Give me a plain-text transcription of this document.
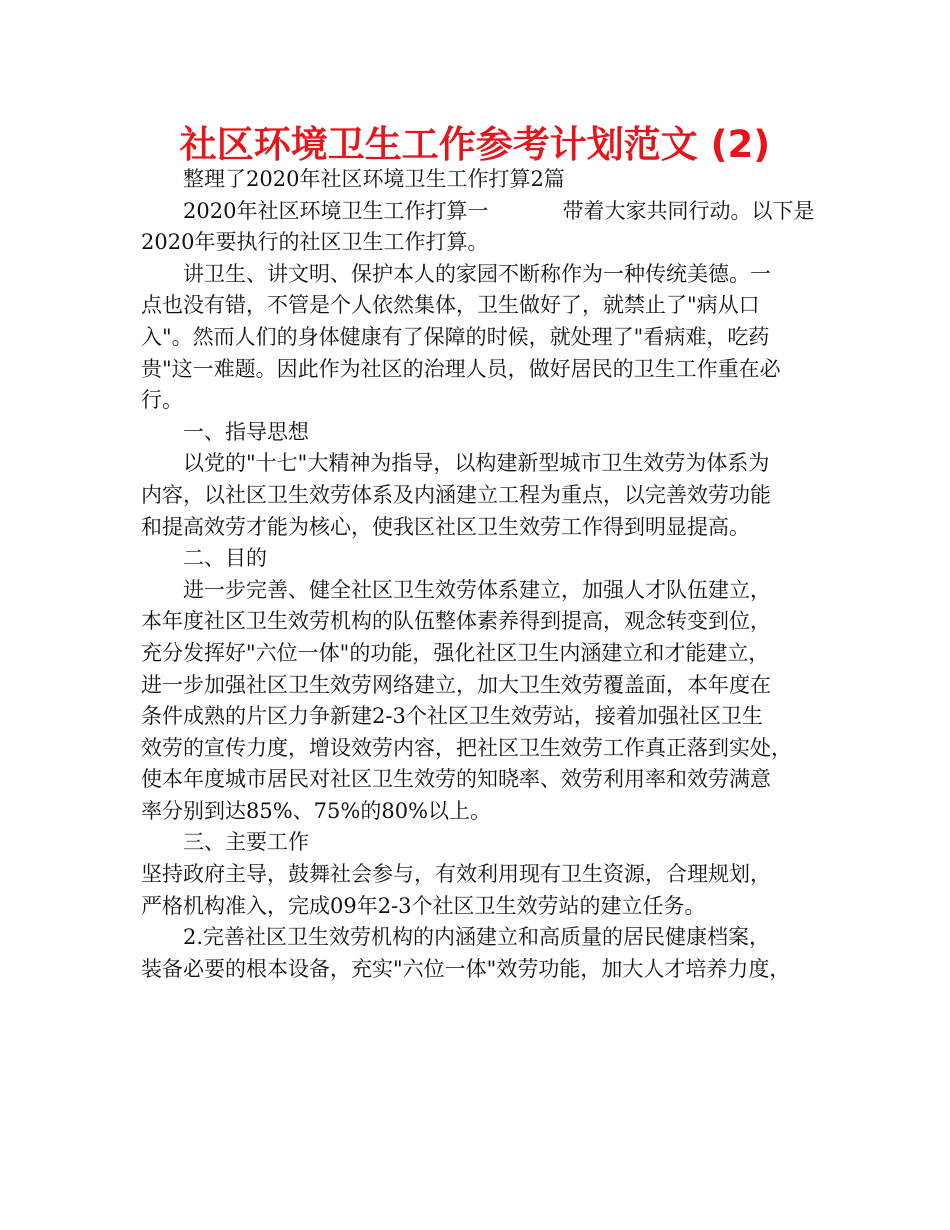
社区环境卫生工作参考计划范文 (2)
整理了2020年社区环境卫生工作打算2篇
2020年社区环境卫生工作打算一	带着大家共同行动。以下是
2020年要执行的社区卫生工作打算。
讲卫生、讲文明、保护本人的家园不断称作为一种传统美德。一
点也没有错，不管是个人依然集体，卫生做好了，就禁止了"病从口
入"。然而人们的身体健康有了保障的时候，就处理了"看病难，吃药
贵"这一难题。因此作为社区的治理人员，做好居民的卫生工作重在必
行。
一、指导思想
以党的"十七"大精神为指导，以构建新型城市卫生效劳为体系为
内容，以社区卫生效劳体系及内涵建立工程为重点，以完善效劳功能
和提高效劳才能为核心，使我区社区卫生效劳工作得到明显提高。
二、目的
进一步完善、健全社区卫生效劳体系建立，加强人才队伍建立，
本年度社区卫生效劳机构的队伍整体素养得到提高，观念转变到位，
充分发挥好"六位一体"的功能，强化社区卫生内涵建立和才能建立，
进一步加强社区卫生效劳网络建立，加大卫生效劳覆盖面，本年度在
条件成熟的片区力争新建2-3个社区卫生效劳站，接着加强社区卫生
效劳的宣传力度，增设效劳内容，把社区卫生效劳工作真正落到实处，
使本年度城市居民对社区卫生效劳的知晓率、效劳利用率和效劳满意
率分别到达85%、75%的80%以上。
三、主要工作
坚持政府主导，鼓舞社会参与，有效利用现有卫生资源，合理规划，
严格机构准入，完成09年2-3个社区卫生效劳站的建立任务。
2.完善社区卫生效劳机构的内涵建立和高质量的居民健康档案，
装备必要的根本设备，充实"六位一体"效劳功能，加大人才培养力度，
